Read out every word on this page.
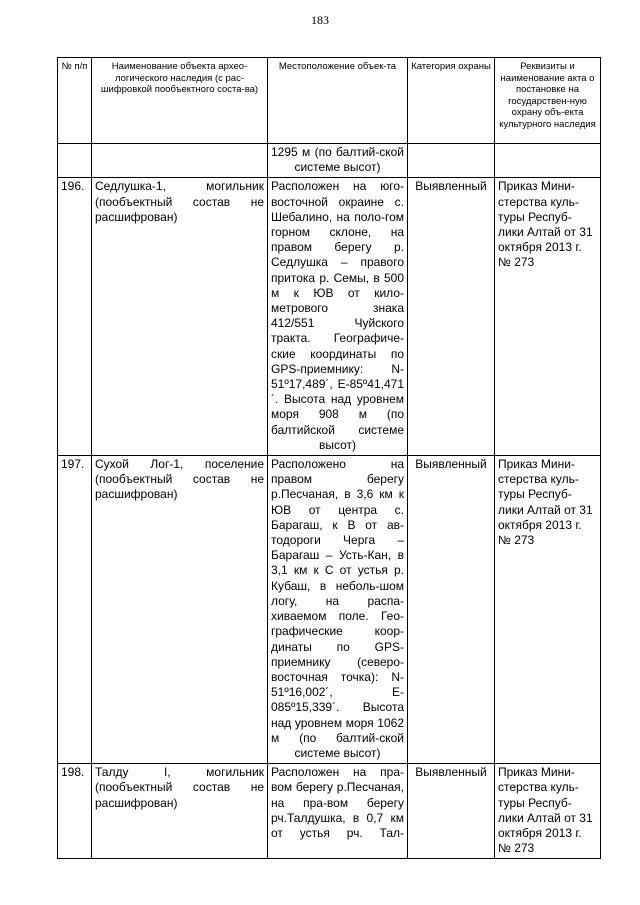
183
№ п/п	Наименование объекта архео-логического наследия (с рас-шифровкой пообъектного соста-ва)	Местоположение объек-та	Категория охраны	Реквизиты и наименование акта о постановке на государствен-ную охрану объ-екта культурного наследия
		1295 м (по балтий-ской системе высот)		
196.	Седлушка-1, могильник (пообъектный состав не расшифрован)	Расположен на юго-восточной окраине с. Шебалино, на поло-гом горном склоне, на правом берегу р. Седлушка – правого притока р. Семы, в 500 м к ЮВ от кило-метрового знака 412/551 Чуйского тракта. Географиче-ские координаты по GPS-приемнику: N-51º17,489´, E-85º41,471´. Высота над уровнем моря 908 м (по балтийской системе высот)	Выявленный	Приказ Мини-стерства куль-туры Респуб-лики Алтай от 31 октября 2013 г. № 273
197.	Сухой Лог-1, поселение (пообъектный состав не расшифрован)	Расположено на правом берегу р.Песчаная, в 3,6 км к ЮВ от центра с. Барагаш, к В от ав-тодороги Черга – Барагаш – Усть-Кан, в 3,1 км к С от устья р. Кубаш, в неболь-шом логу, на распа-хиваемом поле. Гео-графические коор-динаты по GPS-приемнику (северо-восточная точка): N-51º16,002´, E-085º15,339´. Высота над уровнем моря 1062 м (по балтий-ской системе высот)	Выявленный	Приказ Мини-стерства куль-туры Респуб-лики Алтай от 31 октября 2013 г. № 273
198.	Талду I, могильник (пообъектный состав не расшифрован)	Расположен на пра-вом берегу р.Песчаная, на пра-вом берегу рч.Талдушка, в 0,7 км от устья рч. Тал-	Выявленный	Приказ Мини-стерства куль-туры Респуб-лики Алтай от 31 октября 2013 г. № 273
